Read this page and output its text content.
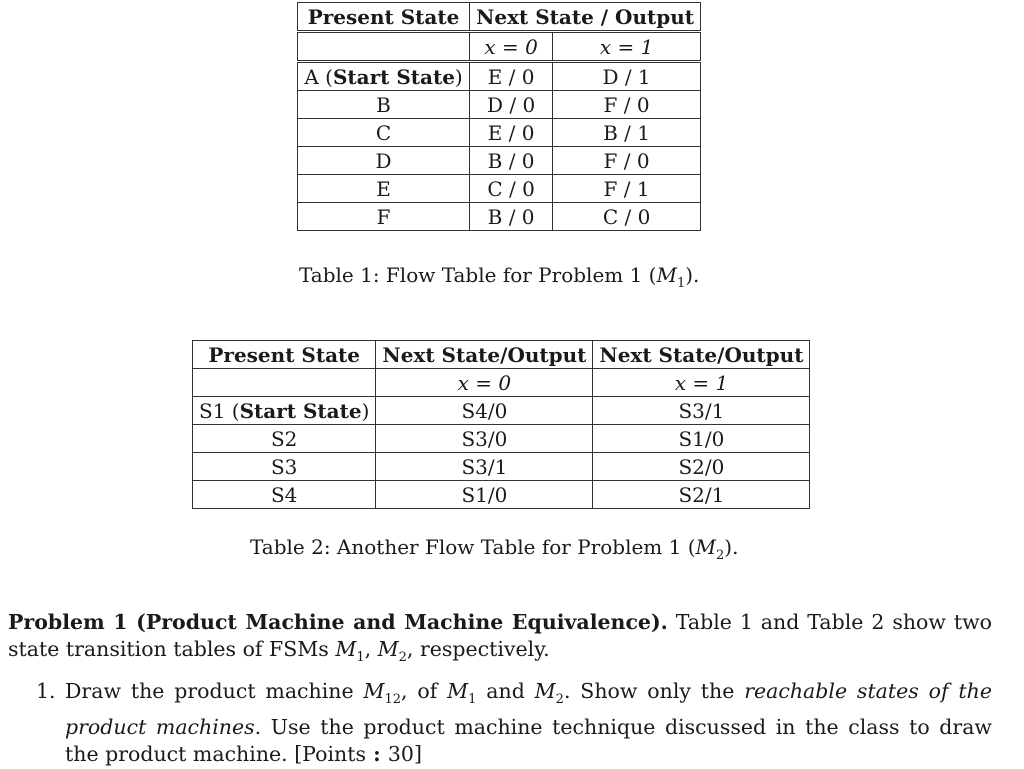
Present State	Next State / Output	
	x = 0	x = 1
A (Start State)	E / 0	D / 1
B	D / 0	F / 0
C	E / 0	B / 1
D	B / 0	F / 0
E	C / 0	F / 1
F	B / 0	C / 0
Table 1: Flow Table for Problem 1 $(M_1)$.
Present State	Next State/Output	Next State/Output
	x = 0	x = 1
S1 (Start State)	S4/0	S3/1
S2	S3/0	S1/0
S3	S3/1	S2/0
S4	S1/0	S2/1
Table 2: Another Flow Table for Problem 1 $(M_2)$.
Problem 1 (Product Machine and Machine Equivalence). Table 1 and Table 2 show two state transition tables of FSMs $M_1$, $M_2$, respectively.
1. Draw the product machine $M_{12}$, of $M_1$ and $M_2$. Show only the reachable states of the product machines. Use the product machine technique discussed in the class to draw the product machine. [Points : 30]
